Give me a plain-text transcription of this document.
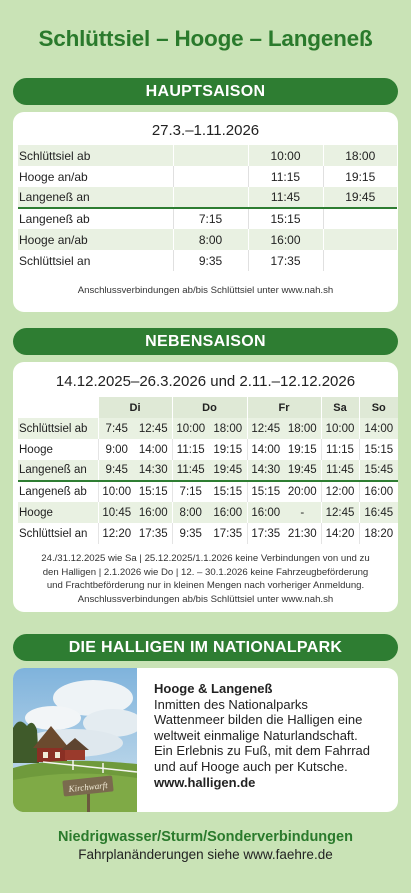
Schlüttsiel – Hooge – Langeneß
HAUPTSAISON
27.3.–1.11.2026
Schlüttsiel ab		10:00	18:00
Hooge an/ab		11:15	19:15
Langeneß an		11:45	19:45
Langeneß ab	7:15	15:15	
Hooge an/ab	8:00	16:00	
Schlüttsiel an	9:35	17:35	
Anschlussverbindungen ab/bis Schlüttsiel unter www.nah.sh
NEBENSAISON
14.12.2025–26.3.2026 und 2.11.–12.12.2026
	Di		Do		Fr		Sa	So
Schlüttsiel ab	7:45	12:45	10:00	18:00	12:45	18:00	10:00	14:00
Hooge	9:00	14:00	11:15	19:15	14:00	19:15	11:15	15:15
Langeneß an	9:45	14:30	11:45	19:45	14:30	19:45	11:45	15:45
Langeneß ab	10:00	15:15	7:15	15:15	15:15	20:00	12:00	16:00
Hooge	10:45	16:00	8:00	16:00	16:00	-	12:45	16:45
Schlüttsiel an	12:20	17:35	9:35	17:35	17:35	21:30	14:20	18:20
24./31.12.2025 wie Sa | 25.12.2025/1.1.2026 keine Verbindungen von und zu
den Halligen | 2.1.2026 wie Do | 12. – 30.1.2026 keine Fahrzeugbeförderung
und Frachtbeförderung nur in kleinen Mengen nach vorheriger Anmeldung.
Anschlussverbindungen ab/bis Schlüttsiel unter www.nah.sh
DIE HALLIGEN IM NATIONALPARK
Kirchwarft
Hooge & Langeneß
Inmitten des Nationalparks
Wattenmeer bilden die Halligen eine
weltweit einmalige Naturlandschaft.
Ein Erlebnis zu Fuß, mit dem Fahrrad
und auf Hooge auch per Kutsche.
www.halligen.de
Niedrigwasser/Sturm/Sonderverbindungen
Fahrplanänderungen siehe www.faehre.de
